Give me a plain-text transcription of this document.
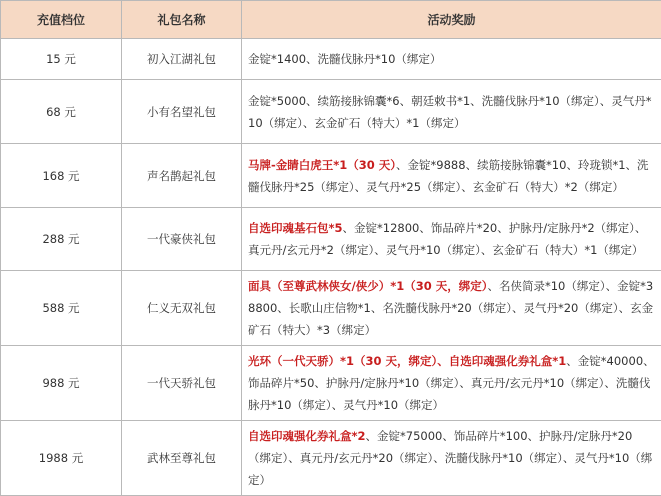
充值档位	礼包名称	活动奖励
15 元	初入江湖礼包	金锭*1400、洗髓伐脉丹*10（绑定）
68 元	小有名望礼包	金锭*5000、续筋接脉锦囊*6、朝廷敕书*1、洗髓伐脉丹*10（绑定）、灵气丹*10（绑定）、玄金矿石（特大）*1（绑定）
168 元	声名鹊起礼包	马牌-金睛白虎王*1（30 天）、金锭*9888、续筋接脉锦囊*10、玲珑锁*1、洗髓伐脉丹*25（绑定）、灵气丹*25（绑定）、玄金矿石（特大）*2（绑定）
288 元	一代豪侠礼包	自选印魂基石包*5、金锭*12800、饰品碎片*20、护脉丹/定脉丹*2（绑定）、真元丹/玄元丹*2（绑定）、灵气丹*10（绑定）、玄金矿石（特大）*1（绑定）
588 元	仁义无双礼包	面具（至尊武林侠女/侠少）*1（30 天，绑定）、名侠简录*10（绑定）、金锭*38800、长歌山庄信物*1、名洗髓伐脉丹*20（绑定）、灵气丹*20（绑定）、玄金矿石（特大）*3（绑定）
988 元	一代天骄礼包	光环（一代天骄）*1（30 天，绑定）、自选印魂强化券礼盒*1、金锭*40000、饰品碎片*50、护脉丹/定脉丹*10（绑定）、真元丹/玄元丹*10（绑定）、洗髓伐脉丹*10（绑定）、灵气丹*10（绑定）
1988 元	武林至尊礼包	自选印魂强化券礼盒*2、金锭*75000、饰品碎片*100、护脉丹/定脉丹*20（绑定）、真元丹/玄元丹*20（绑定）、洗髓伐脉丹*10（绑定）、灵气丹*10（绑定）
